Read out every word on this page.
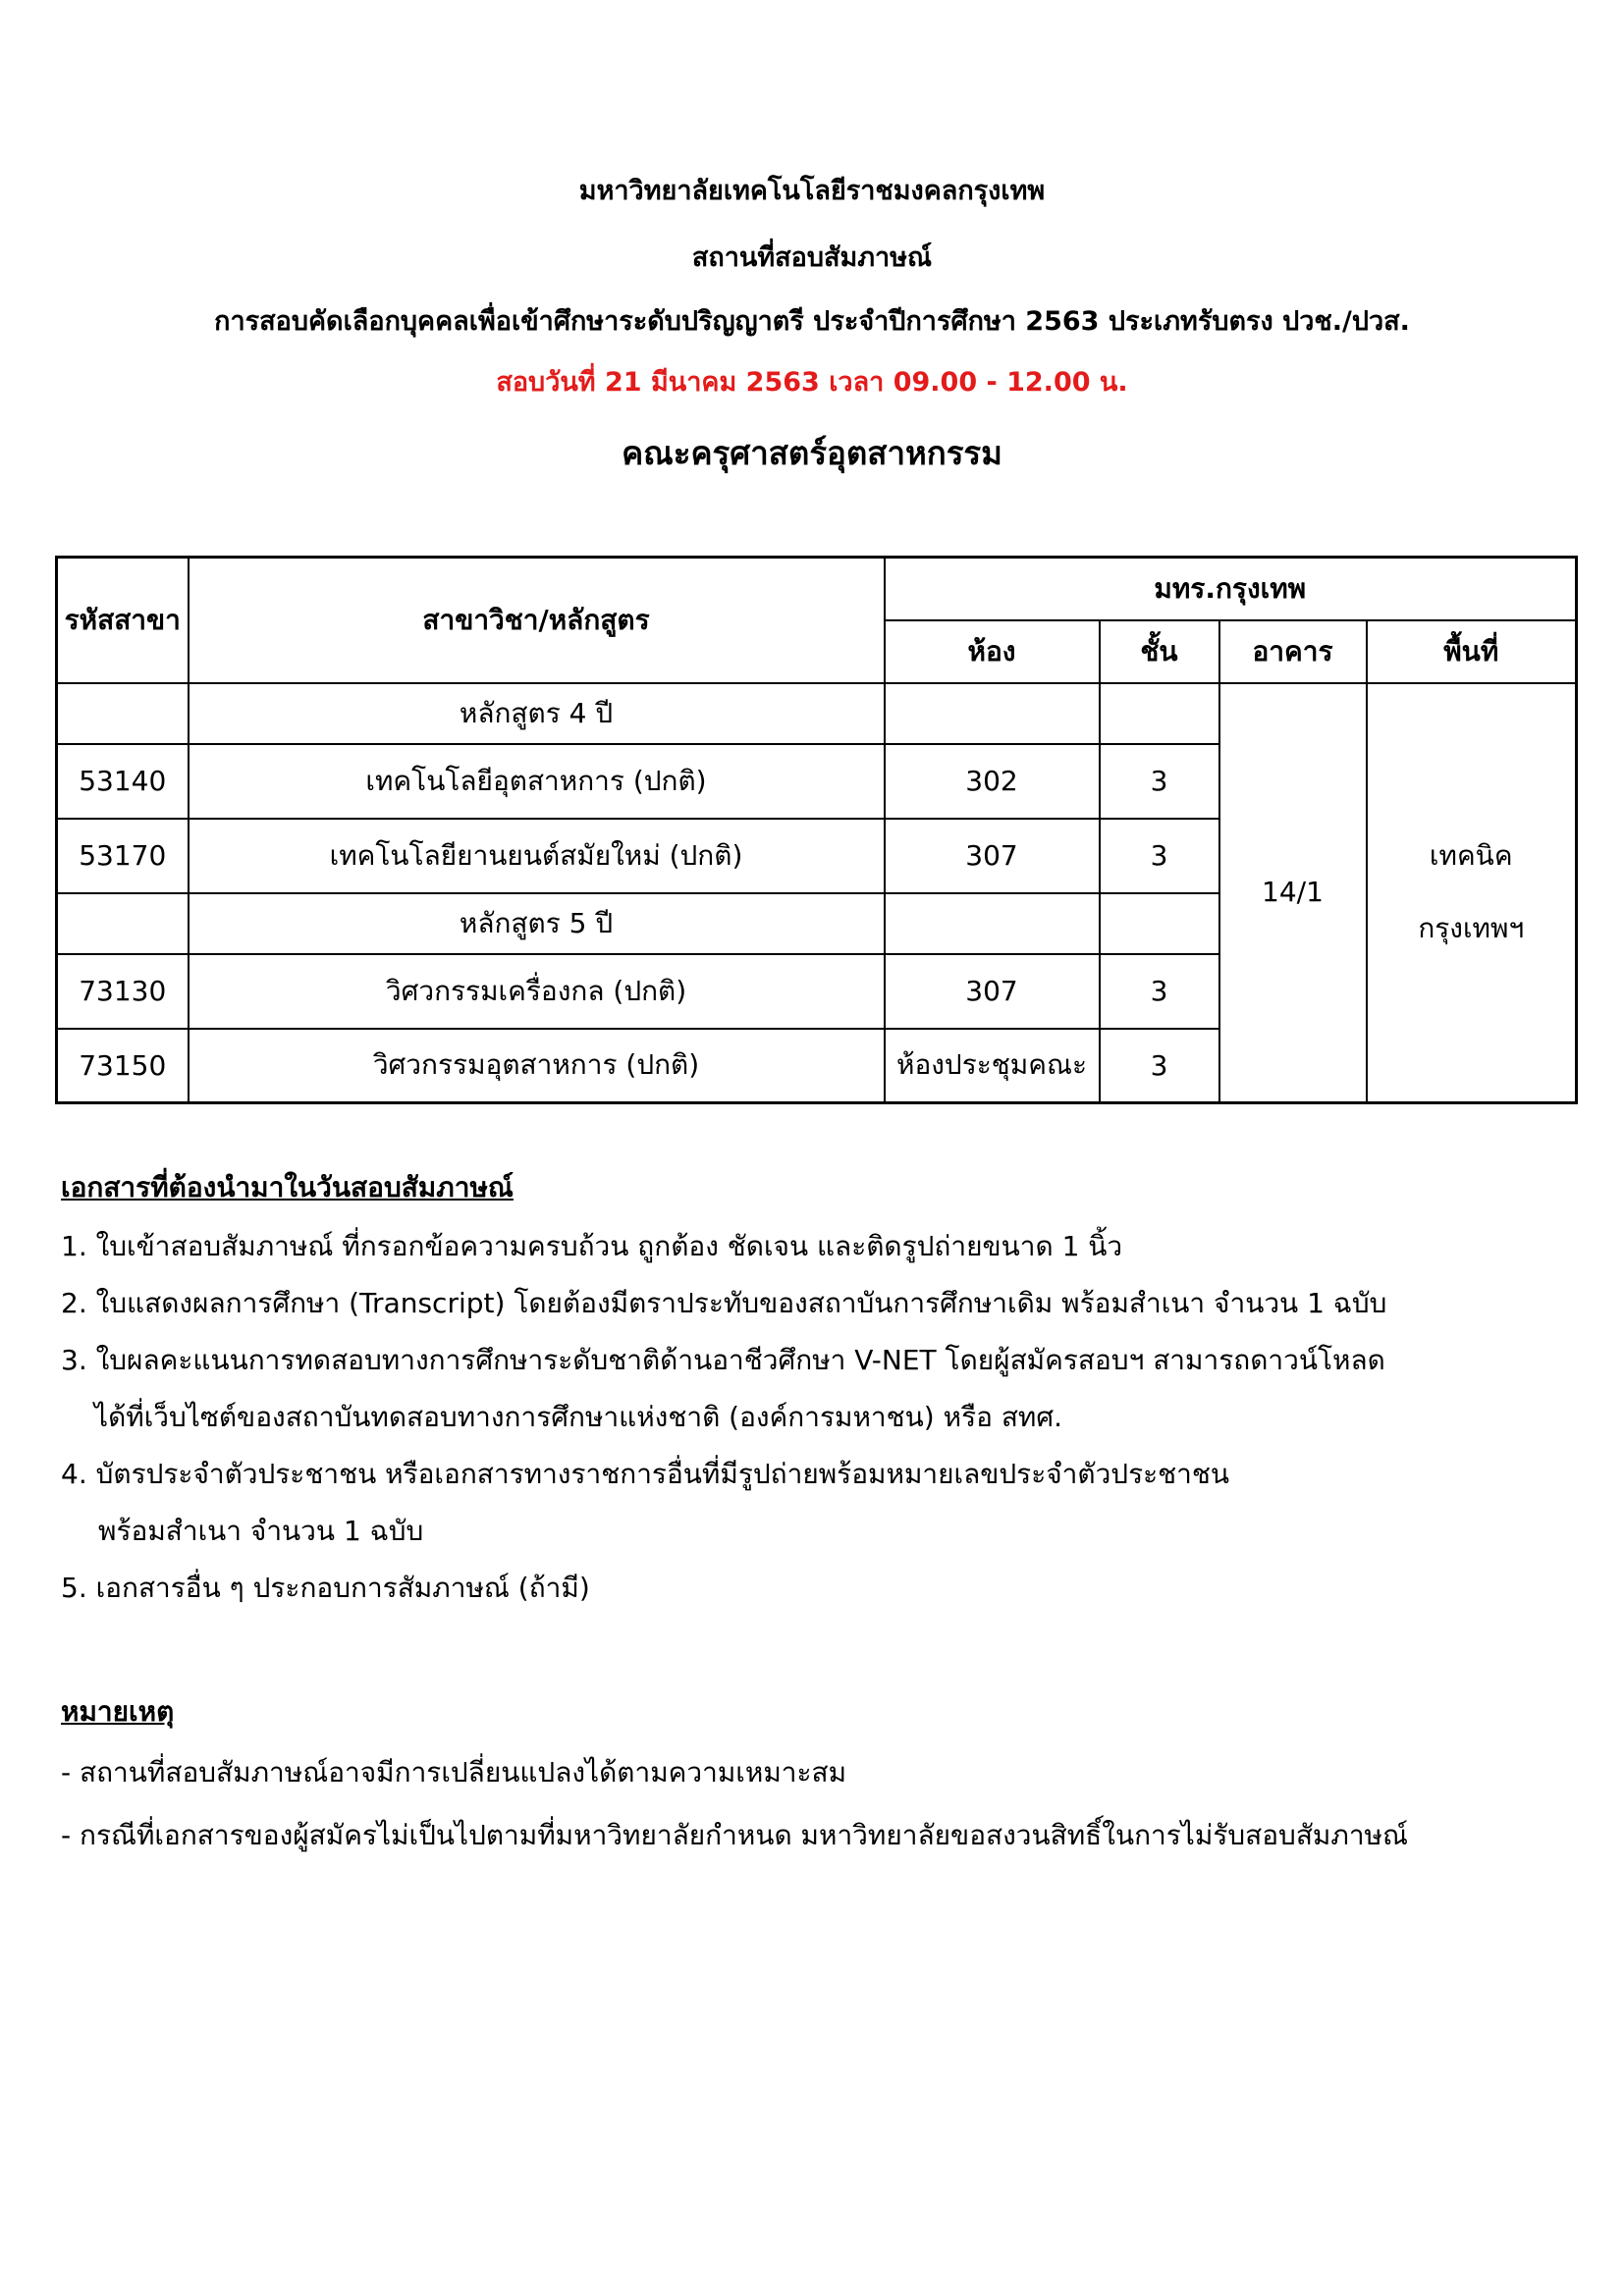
มหาวิทยาลัยเทคโนโลยีราชมงคลกรุงเทพ
สถานที่สอบสัมภาษณ์
การสอบคัดเลือกบุคคลเพื่อเข้าศึกษาระดับปริญญาตรี ประจำปีการศึกษา 2563 ประเภทรับตรง ปวช./ปวส.
สอบวันที่ 21 มีนาคม 2563 เวลา 09.00 - 12.00 น.
คณะครุศาสตร์อุตสาหกรรม
รหัสสาขา	สาขาวิชา/หลักสูตร	มทร.กรุงเทพ			
		ห้อง	ชั้น	อาคาร	พื้นที่
	หลักสูตร 4 ปี			14/1	เทคนิค
กรุงเทพฯ

53140	เทคโนโลยีอุตสาหการ (ปกติ)	302	3		
53170	เทคโนโลยียานยนต์สมัยใหม่ (ปกติ)	307	3		
	หลักสูตร 5 ปี				
73130	วิศวกรรมเครื่องกล (ปกติ)	307	3		
73150	วิศวกรรมอุตสาหการ (ปกติ)	ห้องประชุมคณะ	3		
เอกสารที่ต้องนำมาในวันสอบสัมภาษณ์
1. ใบเข้าสอบสัมภาษณ์ ที่กรอกข้อความครบถ้วน ถูกต้อง ชัดเจน และติดรูปถ่ายขนาด 1 นิ้ว
2. ใบแสดงผลการศึกษา (Transcript) โดยต้องมีตราประทับของสถาบันการศึกษาเดิม พร้อมสำเนา จำนวน 1 ฉบับ
3. ใบผลคะแนนการทดสอบทางการศึกษาระดับชาติด้านอาชีวศึกษา V-NET โดยผู้สมัครสอบฯ สามารถดาวน์โหลด
ได้ที่เว็บไซต์ของสถาบันทดสอบทางการศึกษาแห่งชาติ (องค์การมหาชน) หรือ สทศ.
4. บัตรประจำตัวประชาชน หรือเอกสารทางราชการอื่นที่มีรูปถ่ายพร้อมหมายเลขประจำตัวประชาชน
พร้อมสำเนา จำนวน 1 ฉบับ
5. เอกสารอื่น ๆ ประกอบการสัมภาษณ์ (ถ้ามี)
หมายเหตุ
- สถานที่สอบสัมภาษณ์อาจมีการเปลี่ยนแปลงได้ตามความเหมาะสม
- กรณีที่เอกสารของผู้สมัครไม่เป็นไปตามที่มหาวิทยาลัยกำหนด มหาวิทยาลัยขอสงวนสิทธิ์ในการไม่รับสอบสัมภาษณ์
